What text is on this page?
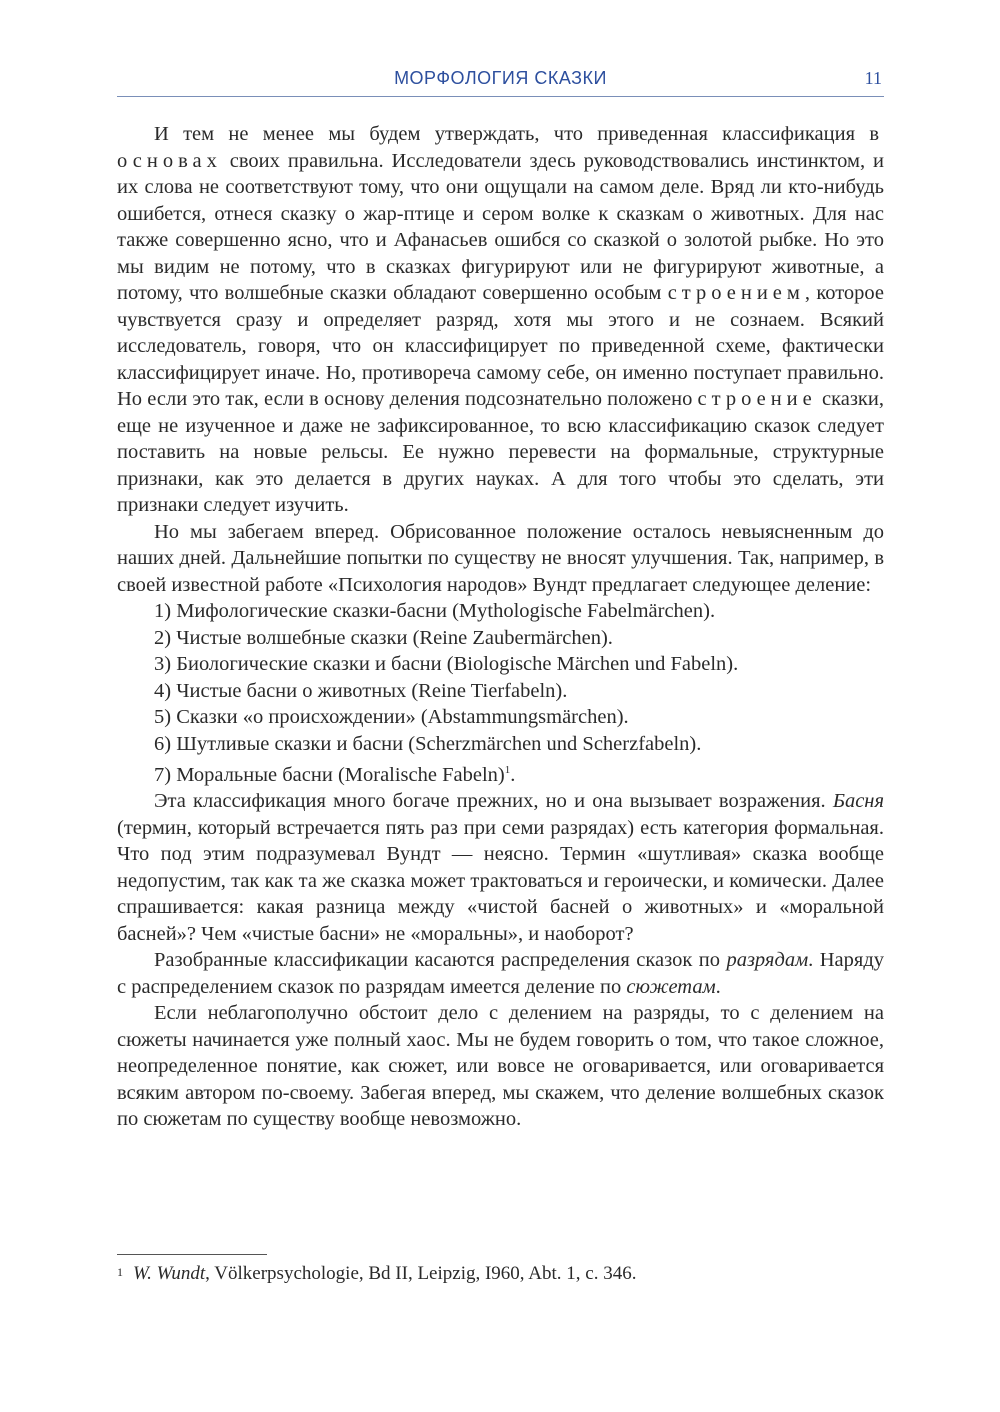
МОРФОЛОГИЯ СКАЗКИ	11

И тем не менее мы будем утверждать, что приведенная классификация в основах своих правильна. Исследователи здесь руководствовались инстинктом, и их слова не соответствуют тому, что они ощущали на самом деле. Вряд ли кто-нибудь ошибется, отнеся сказку о жар-птице и сером волке к сказкам о животных. Для нас также совершенно ясно, что и Афанасьев ошибся со сказкой о золотой рыбке. Но это мы видим не потому, что в сказках фигурируют или не фигурируют животные, а потому, что волшебные сказки обладают совершенно особым строением, которое чувствуется сразу и определяет разряд, хотя мы этого и не сознаем. Всякий исследователь, говоря, что он классифицирует по приведенной схеме, фактически классифицирует иначе. Но, противореча самому себе, он именно поступает правильно. Но если это так, если в основу деления подсознательно положено строение сказки, еще не изученное и даже не зафиксированное, то всю классификацию сказок следует поставить на новые рельсы. Ее нужно перевести на формальные, структурные признаки, как это делается в других науках. А для того чтобы это сделать, эти признаки следует изучить.

Но мы забегаем вперед. Обрисованное положение осталось невыясненным до наших дней. Дальнейшие попытки по существу не вносят улучшения. Так, например, в своей известной работе «Психология народов» Вундт предлагает следующее деление:

1) Мифологические сказки-басни (Mythologische Fabelmärchen).

2) Чистые волшебные сказки (Reine Zaubermärchen).

3) Биологические сказки и басни (Biologische Märchen und Fabeln).

4) Чистые басни о животных (Reine Tierfabeln).

5) Сказки «о происхождении» (Abstammungsmärchen).

6) Шутливые сказки и басни (Scherzmärchen und Scherzfabeln).

7) Моральные басни (Moralische Fabeln)$^1$.

Эта классификация много богаче прежних, но и она вызывает возражения. Басня (термин, который встречается пять раз при семи разрядах) есть категория формальная. Что под этим подразумевал Вундт — неясно. Термин «шутливая» сказка вообще недопустим, так как та же сказка может трактоваться и героически, и комически. Далее спрашивается: какая разница между «чистой басней о животных» и «моральной басней»? Чем «чистые басни» не «моральны», и наоборот?

Разобранные классификации касаются распределения сказок по разрядам. Наряду с распределением сказок по разрядам имеется деление по сюжетам.

Если неблагополучно обстоит дело с делением на разряды, то с делением на сюжеты начинается уже полный хаос. Мы не будем говорить о том, что такое сложное, неопределенное понятие, как сюжет, или вовсе не оговаривается, или оговаривается всяким автором по-своему. Забегая вперед, мы скажем, что деление волшебных сказок по сюжетам по существу вообще невозможно.

$^1$ W. Wundt, Völkerpsychologie, Bd II, Leipzig, I960, Abt. 1, с. 346.
